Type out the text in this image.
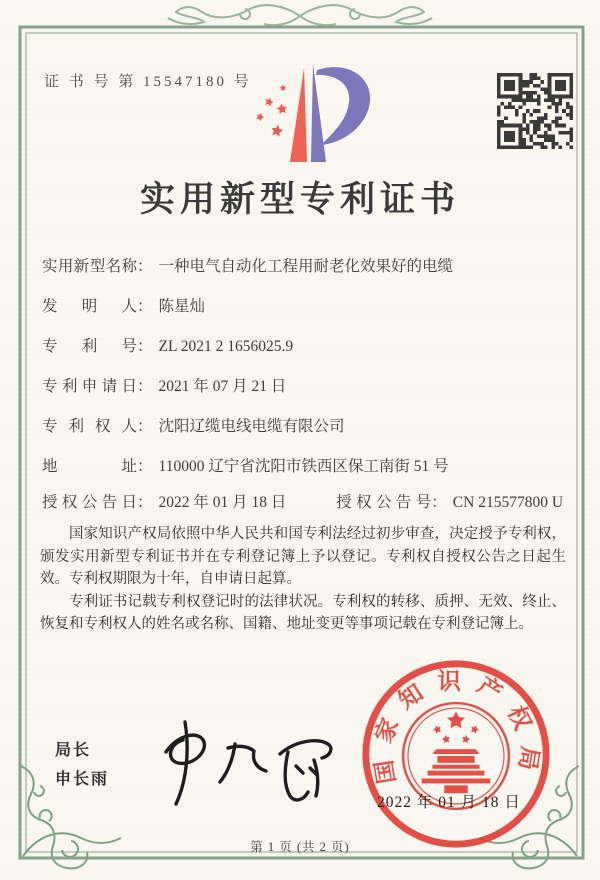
证 书 号 第 15547180 号
实用新型专利证书
实用新型名称： 一种电气自动化工程用耐老化效果好的电缆
发明人： 陈星灿
专利号： ZL 2021 2 1656025.9
专利申请日： 2021 年 07 月 21 日
专利权人： 沈阳辽缆电线电缆有限公司
地址： 110000 辽宁省沈阳市铁西区保工南街 51 号
授权公告日： 2022 年 01 月 18 日	授权公告号： CN 215577800 U

国家知识产权局依照中华人民共和国专利法经过初步审查，决定授予专利权，颁发实用新型专利证书并在专利登记簿上予以登记。专利权自授权公告之日起生效。专利权期限为十年，自申请日起算。

专利证书记载专利权登记时的法律状况。专利权的转移、质押、无效、终止、恢复和专利权人的姓名或名称、国籍、地址变更等事项记载在专利登记簿上。

局长
申长雨	国家知识产权局
2022 年 01 月 18 日
第 1 页 (共 2 页)
